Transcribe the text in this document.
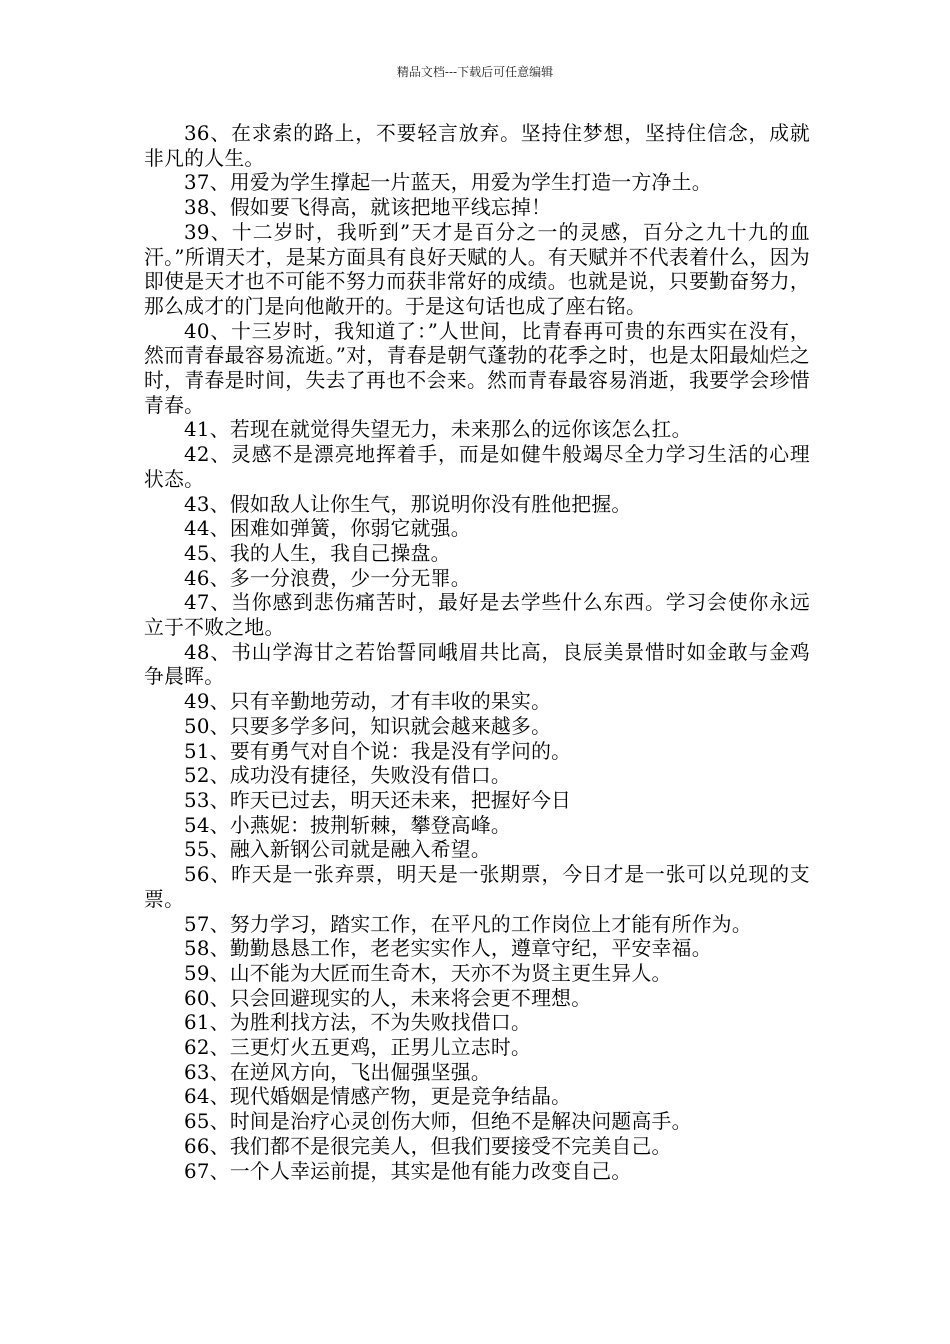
精品文档---下载后可任意编辑

36、在求索的路上，不要轻言放弃。坚持住梦想，坚持住信念，成就非凡的人生。

37、用爱为学生撑起一片蓝天，用爱为学生打造一方净土。

38、假如要飞得高，就该把地平线忘掉！

39、十二岁时，我听到”天才是百分之一的灵感，百分之九十九的血汗。”所谓天才，是某方面具有良好天赋的人。有天赋并不代表着什么，因为即使是天才也不可能不努力而获非常好的成绩。也就是说，只要勤奋努力，那么成才的门是向他敞开的。于是这句话也成了座右铭。

40、十三岁时，我知道了：”人世间，比青春再可贵的东西实在没有，然而青春最容易流逝。”对，青春是朝气蓬勃的花季之时，也是太阳最灿烂之时，青春是时间，失去了再也不会来。然而青春最容易消逝，我要学会珍惜青春。

41、若现在就觉得失望无力，未来那么的远你该怎么扛。

42、灵感不是漂亮地挥着手，而是如健牛般竭尽全力学习生活的心理状态。

43、假如敌人让你生气，那说明你没有胜他把握。

44、困难如弹簧，你弱它就强。

45、我的人生，我自己操盘。

46、多一分浪费，少一分无罪。

47、当你感到悲伤痛苦时，最好是去学些什么东西。学习会使你永远立于不败之地。

48、书山学海甘之若饴誓同峨眉共比高，良辰美景惜时如金敢与金鸡争晨晖。

49、只有辛勤地劳动，才有丰收的果实。

50、只要多学多问，知识就会越来越多。

51、要有勇气对自个说：我是没有学问的。

52、成功没有捷径，失败没有借口。

53、昨天已过去，明天还未来，把握好今日

54、小燕妮：披荆斩棘，攀登高峰。

55、融入新钢公司就是融入希望。

56、昨天是一张弃票，明天是一张期票，今日才是一张可以兑现的支票。

57、努力学习，踏实工作，在平凡的工作岗位上才能有所作为。

58、勤勤恳恳工作，老老实实作人，遵章守纪，平安幸福。

59、山不能为大匠而生奇木，天亦不为贤主更生异人。

60、只会回避现实的人，未来将会更不理想。

61、为胜利找方法，不为失败找借口。

62、三更灯火五更鸡，正男儿立志时。

63、在逆风方向，飞出倔强坚强。

64、现代婚姻是情感产物，更是竞争结晶。

65、时间是治疗心灵创伤大师，但绝不是解决问题高手。

66、我们都不是很完美人，但我们要接受不完美自己。

67、一个人幸运前提，其实是他有能力改变自己。
